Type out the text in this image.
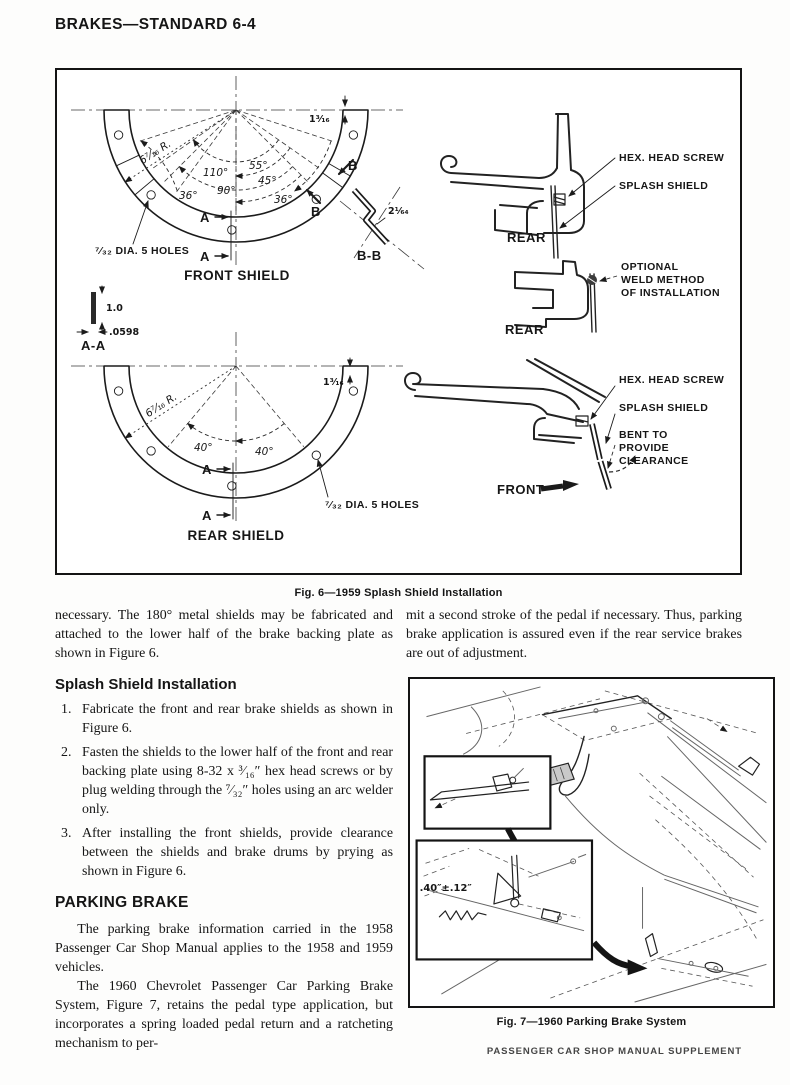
BRAKES—STANDARD 6-4
6⁷⁄₁₆ R.
110°
55°
90°
45°
36°	36°
1³⁄₁₆
B
B
A
A
⁷⁄₃₂ DIA. 5 HOLES
FRONT SHIELD
2¹⁄₆₄
B-B
1.0
.0598
A-A
40°	40°
6⁷⁄₁₆ R.
1³⁄₁₆
A
A
⁷⁄₃₂ DIA. 5 HOLES
REAR SHIELD
HEX. HEAD SCREW
SPLASH SHIELD
REAR
OPTIONAL
WELD METHOD
OF INSTALLATION
REAR
HEX. HEAD SCREW
SPLASH SHIELD
BENT TO
PROVIDE
CLEARANCE
FRONT
Fig. 6—1959 Splash Shield Installation

necessary. The 180° metal shields may be fabricated and attached to the lower half of the brake backing plate as shown in Figure 6.

Splash Shield Installation
1. Fabricate the front and rear brake shields as shown in Figure 6.
2. Fasten the shields to the lower half of the front and rear backing plate using 8-32 x ³⁄₁₆″ hex head screws or by plug welding through the ⁷⁄₃₂″ holes using an arc welder only.
3. After installing the front shields, provide clearance between the shields and brake drums by prying as shown in Figure 6.
PARKING BRAKE

The parking brake information carried in the 1958 Passenger Car Shop Manual applies to the 1958 and 1959 vehicles.

The 1960 Chevrolet Passenger Car Parking Brake System, Figure 7, retains the pedal type application, but incorporates a spring loaded pedal return and a ratcheting mechanism to per-

mit a second stroke of the pedal if necessary. Thus, parking brake application is assured even if the rear service brakes are out of adjustment.

.40″±.12″
Fig. 7—1960 Parking Brake System
PASSENGER CAR SHOP MANUAL SUPPLEMENT
